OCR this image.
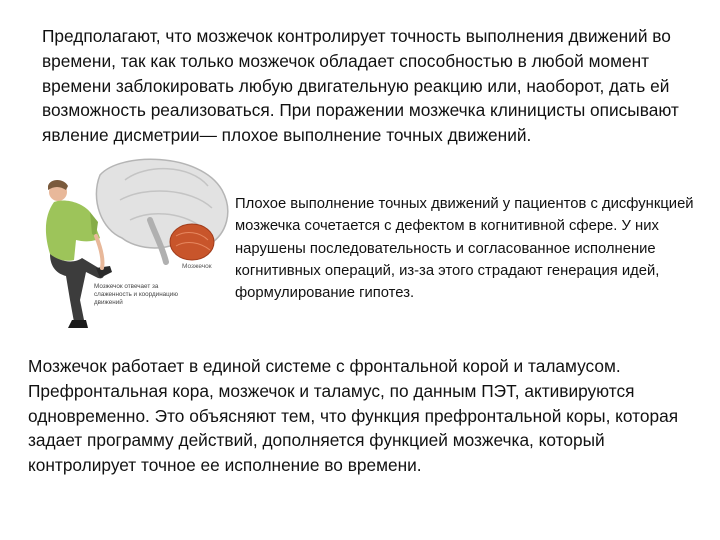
Предполагают, что мозжечок контролирует точность выполнения движений во времени, так как только мозжечок обладает способностью в любой момент времени заблокировать любую двигательную реакцию или, наоборот, дать ей возможность реализоваться. При поражении мозжечка клиницисты описывают явление дисметрии— плохое выполнение точных движений.

Мозжечок
Мозжечок отвечает за
слаженность и координацию
движений

Плохое выполнение точных движений у пациентов с дисфункцией мозжечка сочетается с дефектом в когнитивной сфере. У них нарушены последовательность и согласованное исполнение когнитивных операций, из-за этого страдают генерация идей, формулирование гипотез.

Мозжечок работает в единой системе с фронтальной корой и таламусом. Префронтальная кора, мозжечок и таламус, по данным ПЭТ, активируются одновременно. Это объясняют тем, что функция префронтальной коры, которая задает программу действий, дополняется функцией мозжечка, который контролирует точное ее исполнение во времени.
